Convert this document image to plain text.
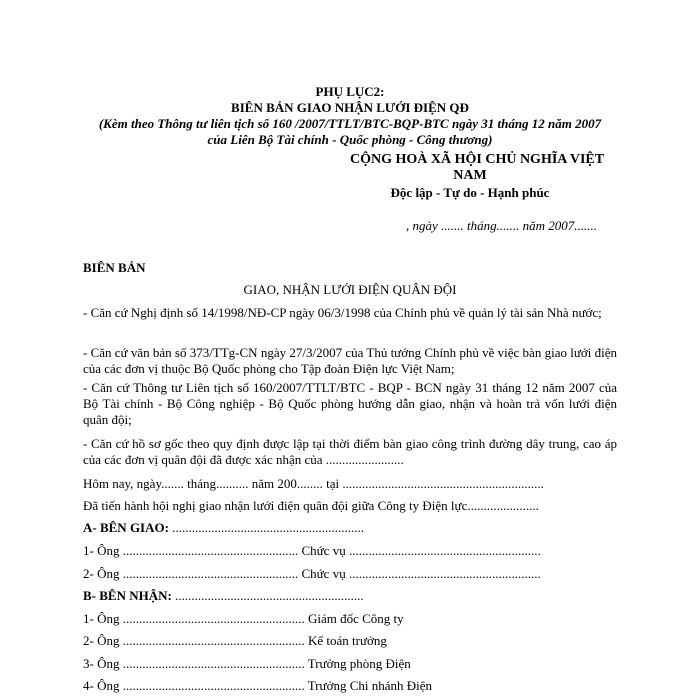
PHỤ LỤC2:
BIÊN BẢN GIAO NHẬN LƯỚI ĐIỆN QĐ
(Kèm theo Thông tư liên tịch số 160 /2007/TTLT/BTC-BQP-BTC ngày 31 tháng 12 năm 2007
của Liên Bộ Tài chính - Quốc phòng - Công thương)
CỘNG HOÀ XÃ HỘI CHỦ NGHĨA VIỆT
NAM
Độc lập - Tự do - Hạnh phúc
, ngày ....... tháng....... năm 2007.......
BIÊN BẢN
GIAO, NHẬN LƯỚI ĐIỆN QUÂN ĐỘI
- Căn cứ Nghị định số 14/1998/NĐ-CP ngày 06/3/1998 của Chính phủ về quản lý tài sản Nhà nước;
- Căn cứ văn bản số 373/TTg-CN ngày 27/3/2007 của Thủ tướng Chính phủ về việc bàn giao lưới điện của các đơn vị thuộc Bộ Quốc phòng cho Tập đoàn Điện lực Việt Nam;
- Căn cứ Thông tư Liên tịch số 160/2007/TTLT/BTC - BQP - BCN ngày 31 tháng 12 năm 2007 của Bộ Tài chính - Bộ Công nghiệp - Bộ Quốc phòng hướng dẫn giao, nhận và hoàn trả vốn lưới điện quân đội;
- Căn cứ hồ sơ gốc theo quy định được lập tại thời điểm bàn giao công trình đường dây trung, cao áp của các đơn vị quân đội đã được xác nhận của ........................
Hôm nay, ngày....... tháng.......... năm 200........ tại ..............................................................
Đã tiến hành hội nghị giao nhận lưới điện quân đội giữa Công ty Điện lực......................
A- BÊN GIAO: ...........................................................
1- Ông ...................................................... Chức vụ ...........................................................
2- Ông ...................................................... Chức vụ ...........................................................
B- BÊN NHẬN: ..........................................................
1- Ông ........................................................ Giám đốc Công ty
2- Ông ........................................................ Kế toán trưởng
3- Ông ........................................................ Trưởng phòng Điện
4- Ông ........................................................ Trưởng Chi nhánh Điện
